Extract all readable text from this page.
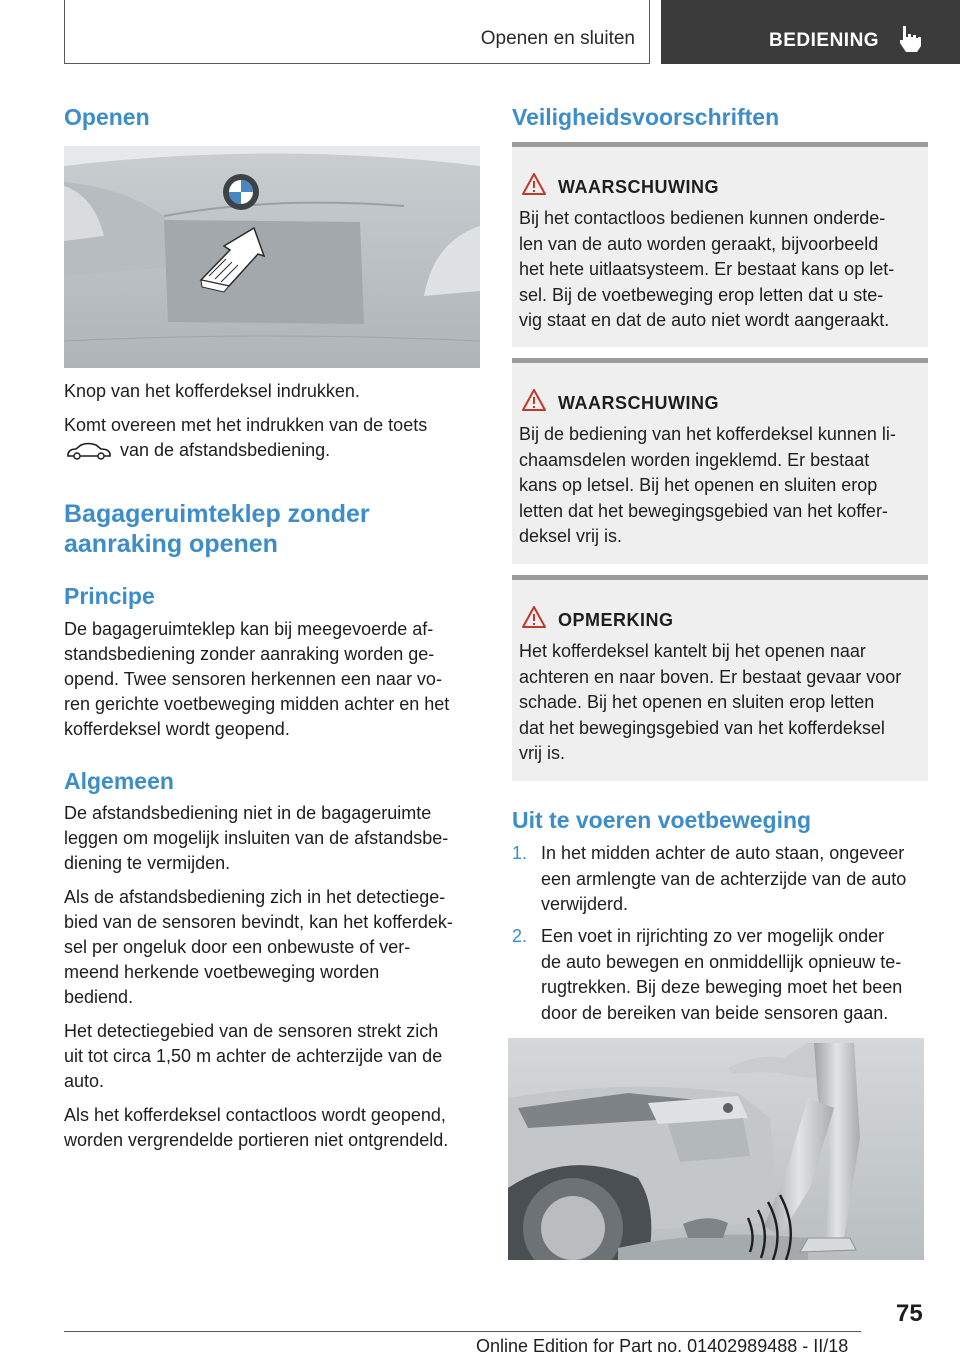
Openen en sluiten	BEDIENING
Openen

Knop van het kofferdeksel indrukken.

Komt overeen met het indrukken van de toets

van de afstandsbediening.

Bagageruimteklep zonder
aanraking openen
Principe

De bagageruimteklep kan bij meegevoerde af-

standsbediening zonder aanraking worden ge-

opend. Twee sensoren herkennen een naar vo-

ren gerichte voetbeweging midden achter en het

kofferdeksel wordt geopend.

Algemeen

De afstandsbediening niet in de bagageruimte

leggen om mogelijk insluiten van de afstandsbe-

diening te vermijden.

Als de afstandsbediening zich in het detectiege-

bied van de sensoren bevindt, kan het kofferdek-

sel per ongeluk door een onbewuste of ver-

meend herkende voetbeweging worden

bediend.

Het detectiegebied van de sensoren strekt zich

uit tot circa 1,50 m achter de achterzijde van de

auto.

Als het kofferdeksel contactloos wordt geopend,

worden vergrendelde portieren niet ontgrendeld.

Veiligheidsvoorschriften
WAARSCHUWING

Bij het contactloos bedienen kunnen onderde-

len van de auto worden geraakt, bijvoorbeeld

het hete uitlaatsysteem. Er bestaat kans op let-

sel. Bij de voetbeweging erop letten dat u ste-

vig staat en dat de auto niet wordt aangeraakt.

WAARSCHUWING

Bij de bediening van het kofferdeksel kunnen li-

chaamsdelen worden ingeklemd. Er bestaat

kans op letsel. Bij het openen en sluiten erop

letten dat het bewegingsgebied van het koffer-

deksel vrij is.

OPMERKING

Het kofferdeksel kantelt bij het openen naar

achteren en naar boven. Er bestaat gevaar voor

schade. Bij het openen en sluiten erop letten

dat het bewegingsgebied van het kofferdeksel

vrij is.

Uit te voeren voetbeweging
1. In het midden achter de auto staan, ongeveer

een armlengte van de achterzijde van de auto

verwijderd.

2. Een voet in rijrichting zo ver mogelijk onder

de auto bewegen en onmiddellijk opnieuw te-

rugtrekken. Bij deze beweging moet het been

door de bereiken van beide sensoren gaan.

75
Online Edition for Part no. 01402989488 - II/18
